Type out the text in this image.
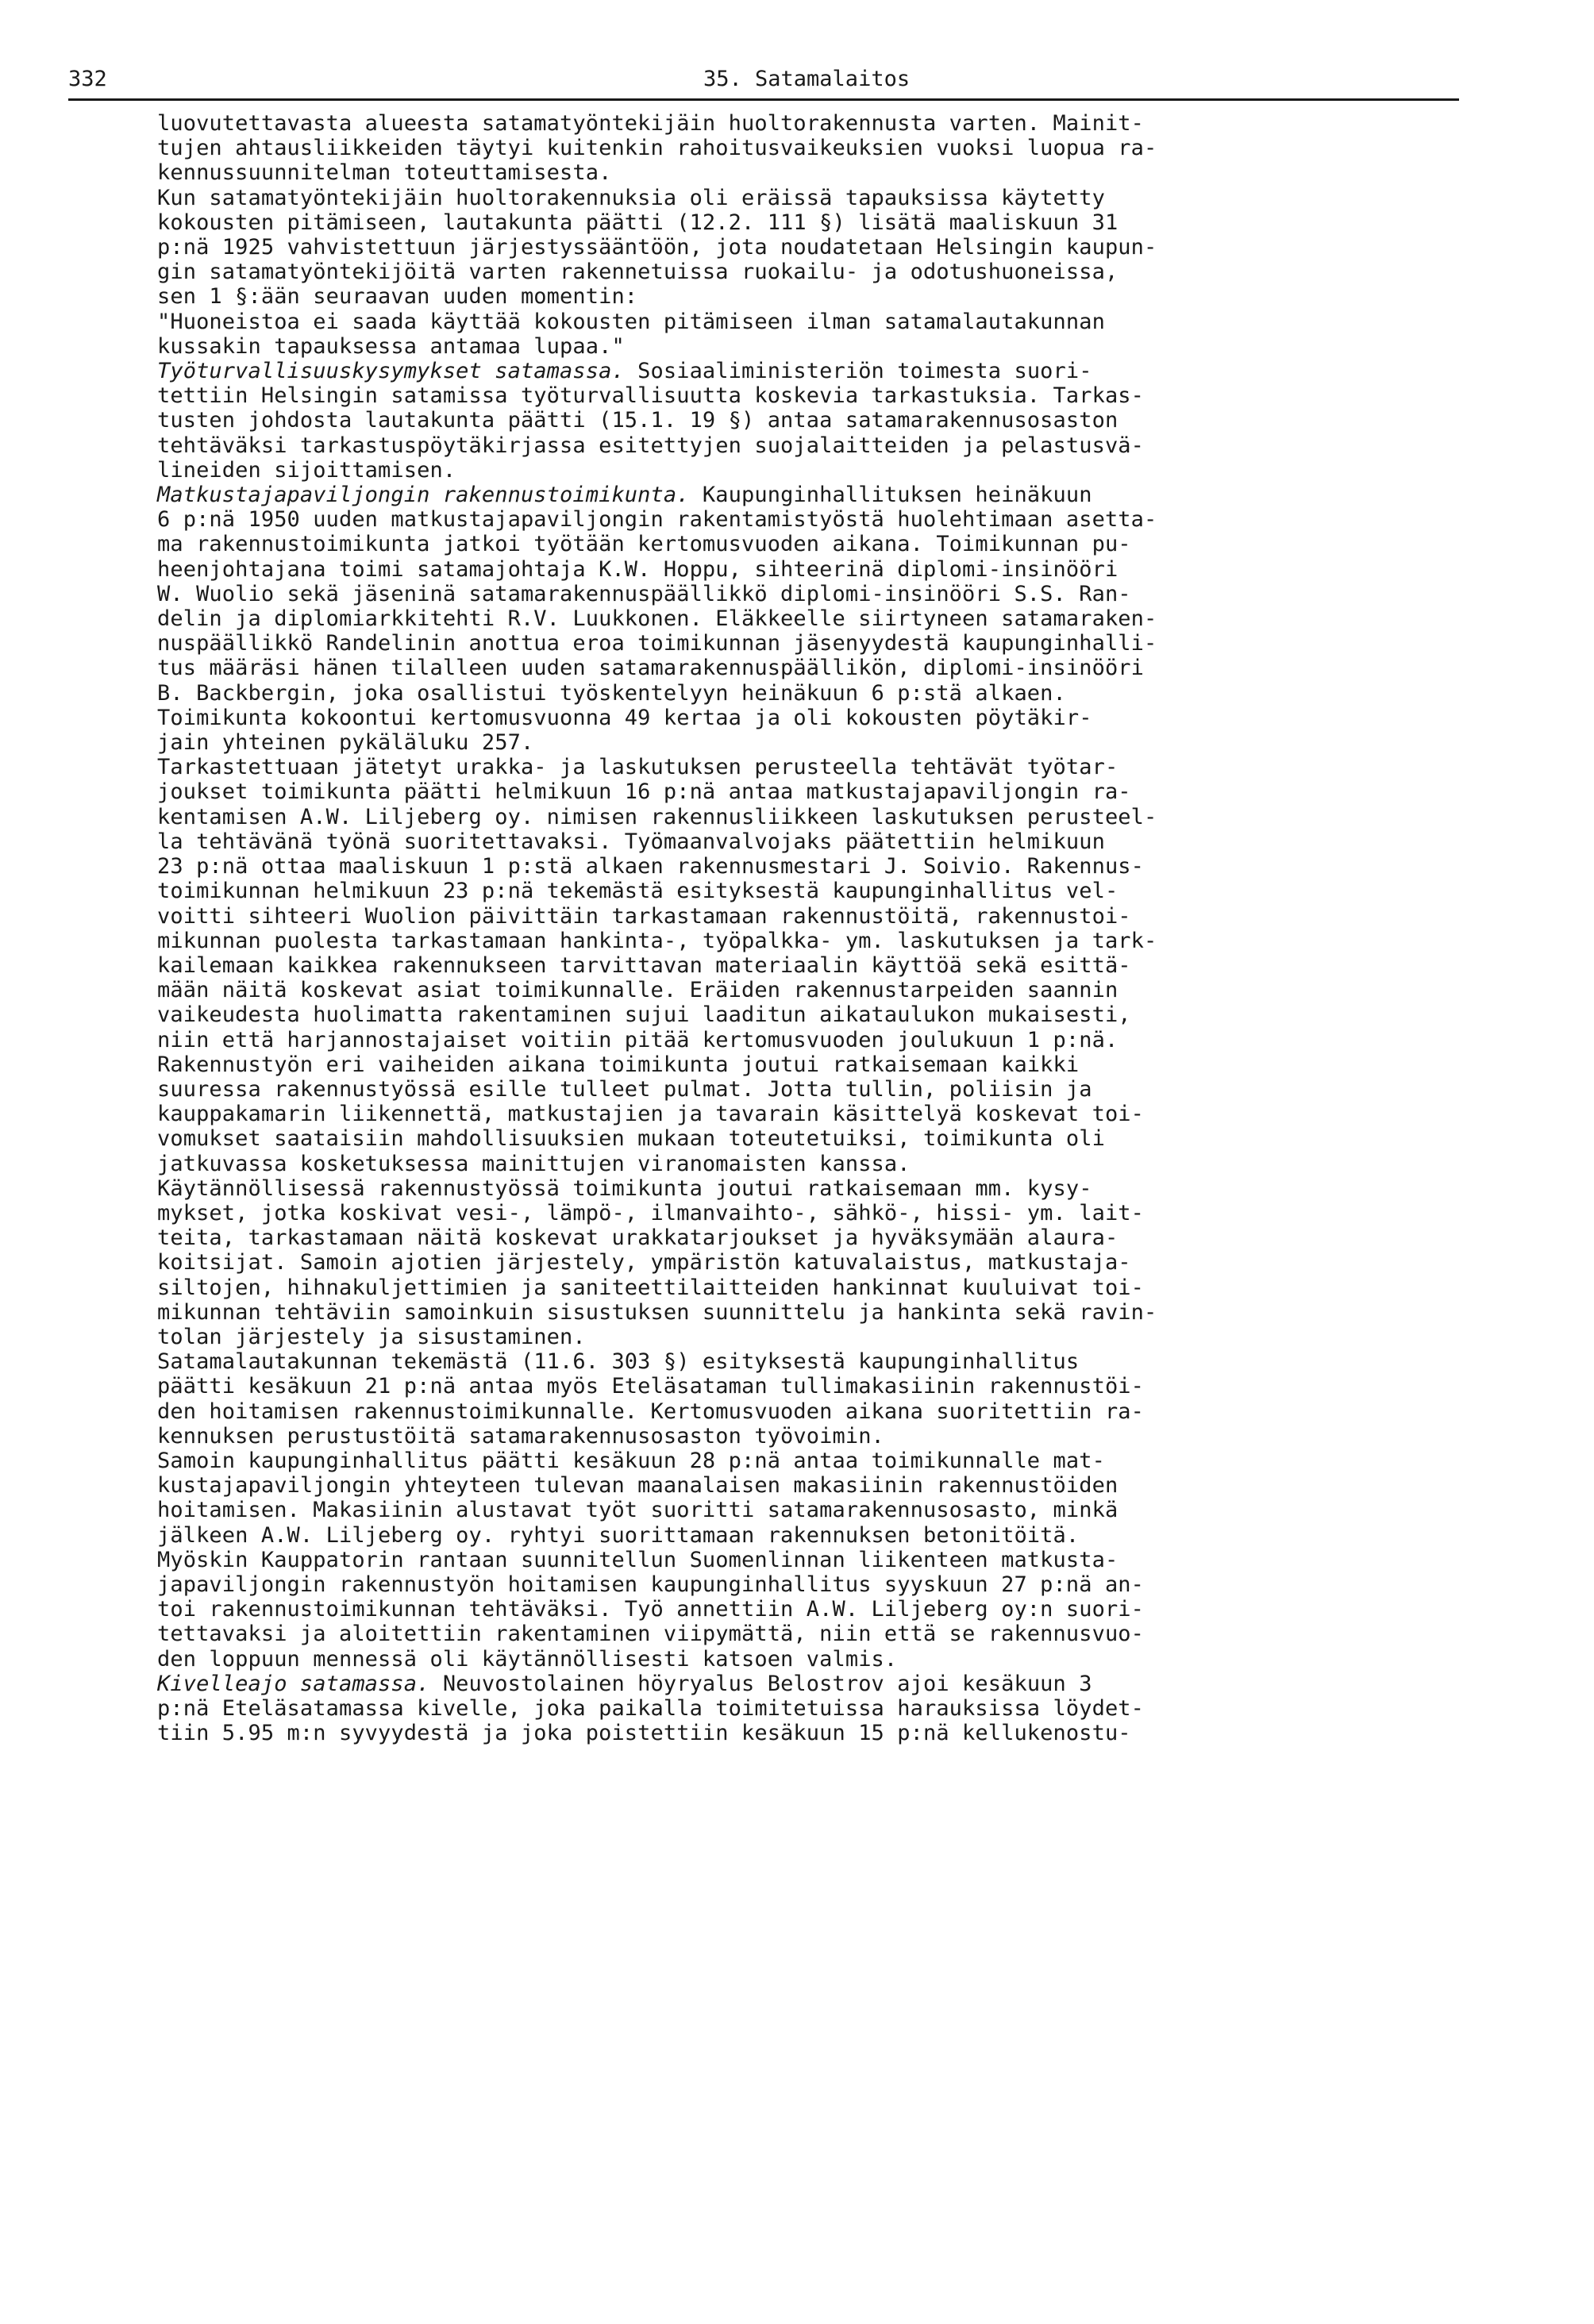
332	35. Satamalaitos

luovutettavasta alueesta satamatyöntekijäin huoltorakennusta varten. Mainit-

tujen ahtausliikkeiden täytyi kuitenkin rahoitusvaikeuksien vuoksi luopua ra-

kennussuunnitelman toteuttamisesta.

Kun satamatyöntekijäin huoltorakennuksia oli eräissä tapauksissa käytetty

kokousten pitämiseen, lautakunta päätti (12.2. 111 §) lisätä maaliskuun 31

p:nä 1925 vahvistettuun järjestyssääntöön, jota noudatetaan Helsingin kaupun-

gin satamatyöntekijöitä varten rakennetuissa ruokailu- ja odotushuoneissa,

sen 1 §:ään seuraavan uuden momentin:

"Huoneistoa ei saada käyttää kokousten pitämiseen ilman satamalautakunnan

kussakin tapauksessa antamaa lupaa."

Työturvallisuuskysymykset satamassa. Sosiaaliministeriön toimesta suori-

tettiin Helsingin satamissa työturvallisuutta koskevia tarkastuksia. Tarkas-

tusten johdosta lautakunta päätti (15.1. 19 §) antaa satamarakennusosaston

tehtäväksi tarkastuspöytäkirjassa esitettyjen suojalaitteiden ja pelastusvä-

lineiden sijoittamisen.

Matkustajapaviljongin rakennustoimikunta. Kaupunginhallituksen heinäkuun

6 p:nä 1950 uuden matkustajapaviljongin rakentamistyöstä huolehtimaan asetta-

ma rakennustoimikunta jatkoi työtään kertomusvuoden aikana. Toimikunnan pu-

heenjohtajana toimi satamajohtaja K.W. Hoppu, sihteerinä diplomi-insinööri

W. Wuolio sekä jäseninä satamarakennuspäällikkö diplomi-insinööri S.S. Ran-

delin ja diplomiarkkitehti R.V. Luukkonen. Eläkkeelle siirtyneen satamaraken-

nuspäällikkö Randelinin anottua eroa toimikunnan jäsenyydestä kaupunginhalli-

tus määräsi hänen tilalleen uuden satamarakennuspäällikön, diplomi-insinööri

B. Backbergin, joka osallistui työskentelyyn heinäkuun 6 p:stä alkaen.

Toimikunta kokoontui kertomusvuonna 49 kertaa ja oli kokousten pöytäkir-

jain yhteinen pykäläluku 257.

Tarkastettuaan jätetyt urakka- ja laskutuksen perusteella tehtävät työtar-

joukset toimikunta päätti helmikuun 16 p:nä antaa matkustajapaviljongin ra-

kentamisen A.W. Liljeberg oy. nimisen rakennusliikkeen laskutuksen perusteel-

la tehtävänä työnä suoritettavaksi. Työmaanvalvojaks päätettiin helmikuun

23 p:nä ottaa maaliskuun 1 p:stä alkaen rakennusmestari J. Soivio. Rakennus-

toimikunnan helmikuun 23 p:nä tekemästä esityksestä kaupunginhallitus vel-

voitti sihteeri Wuolion päivittäin tarkastamaan rakennustöitä, rakennustoi-

mikunnan puolesta tarkastamaan hankinta-, työpalkka- ym. laskutuksen ja tark-

kailemaan kaikkea rakennukseen tarvittavan materiaalin käyttöä sekä esittä-

mään näitä koskevat asiat toimikunnalle. Eräiden rakennustarpeiden saannin

vaikeudesta huolimatta rakentaminen sujui laaditun aikataulukon mukaisesti,

niin että harjannostajaiset voitiin pitää kertomusvuoden joulukuun 1 p:nä.

Rakennustyön eri vaiheiden aikana toimikunta joutui ratkaisemaan kaikki

suuressa rakennustyössä esille tulleet pulmat. Jotta tullin, poliisin ja

kauppakamarin liikennettä, matkustajien ja tavarain käsittelyä koskevat toi-

vomukset saataisiin mahdollisuuksien mukaan toteutetuiksi, toimikunta oli

jatkuvassa kosketuksessa mainittujen viranomaisten kanssa.

Käytännöllisessä rakennustyössä toimikunta joutui ratkaisemaan mm. kysy-

mykset, jotka koskivat vesi-, lämpö-, ilmanvaihto-, sähkö-, hissi- ym. lait-

teita, tarkastamaan näitä koskevat urakkatarjoukset ja hyväksymään alaura-

koitsijat. Samoin ajotien järjestely, ympäristön katuvalaistus, matkustaja-

siltojen, hihnakuljettimien ja saniteettilaitteiden hankinnat kuuluivat toi-

mikunnan tehtäviin samoinkuin sisustuksen suunnittelu ja hankinta sekä ravin-

tolan järjestely ja sisustaminen.

Satamalautakunnan tekemästä (11.6. 303 §) esityksestä kaupunginhallitus

päätti kesäkuun 21 p:nä antaa myös Eteläsataman tullimakasiinin rakennustöi-

den hoitamisen rakennustoimikunnalle. Kertomusvuoden aikana suoritettiin ra-

kennuksen perustustöitä satamarakennusosaston työvoimin.

Samoin kaupunginhallitus päätti kesäkuun 28 p:nä antaa toimikunnalle mat-

kustajapaviljongin yhteyteen tulevan maanalaisen makasiinin rakennustöiden

hoitamisen. Makasiinin alustavat työt suoritti satamarakennusosasto, minkä

jälkeen A.W. Liljeberg oy. ryhtyi suorittamaan rakennuksen betonitöitä.

Myöskin Kauppatorin rantaan suunnitellun Suomenlinnan liikenteen matkusta-

japaviljongin rakennustyön hoitamisen kaupunginhallitus syyskuun 27 p:nä an-

toi rakennustoimikunnan tehtäväksi. Työ annettiin A.W. Liljeberg oy:n suori-

tettavaksi ja aloitettiin rakentaminen viipymättä, niin että se rakennusvuo-

den loppuun mennessä oli käytännöllisesti katsoen valmis.

Kivelleajo satamassa. Neuvostolainen höyryalus Belostrov ajoi kesäkuun 3

p:nä Eteläsatamassa kivelle, joka paikalla toimitetuissa harauksissa löydet-

tiin 5.95 m:n syvyydestä ja joka poistettiin kesäkuun 15 p:nä kellukenostu-
